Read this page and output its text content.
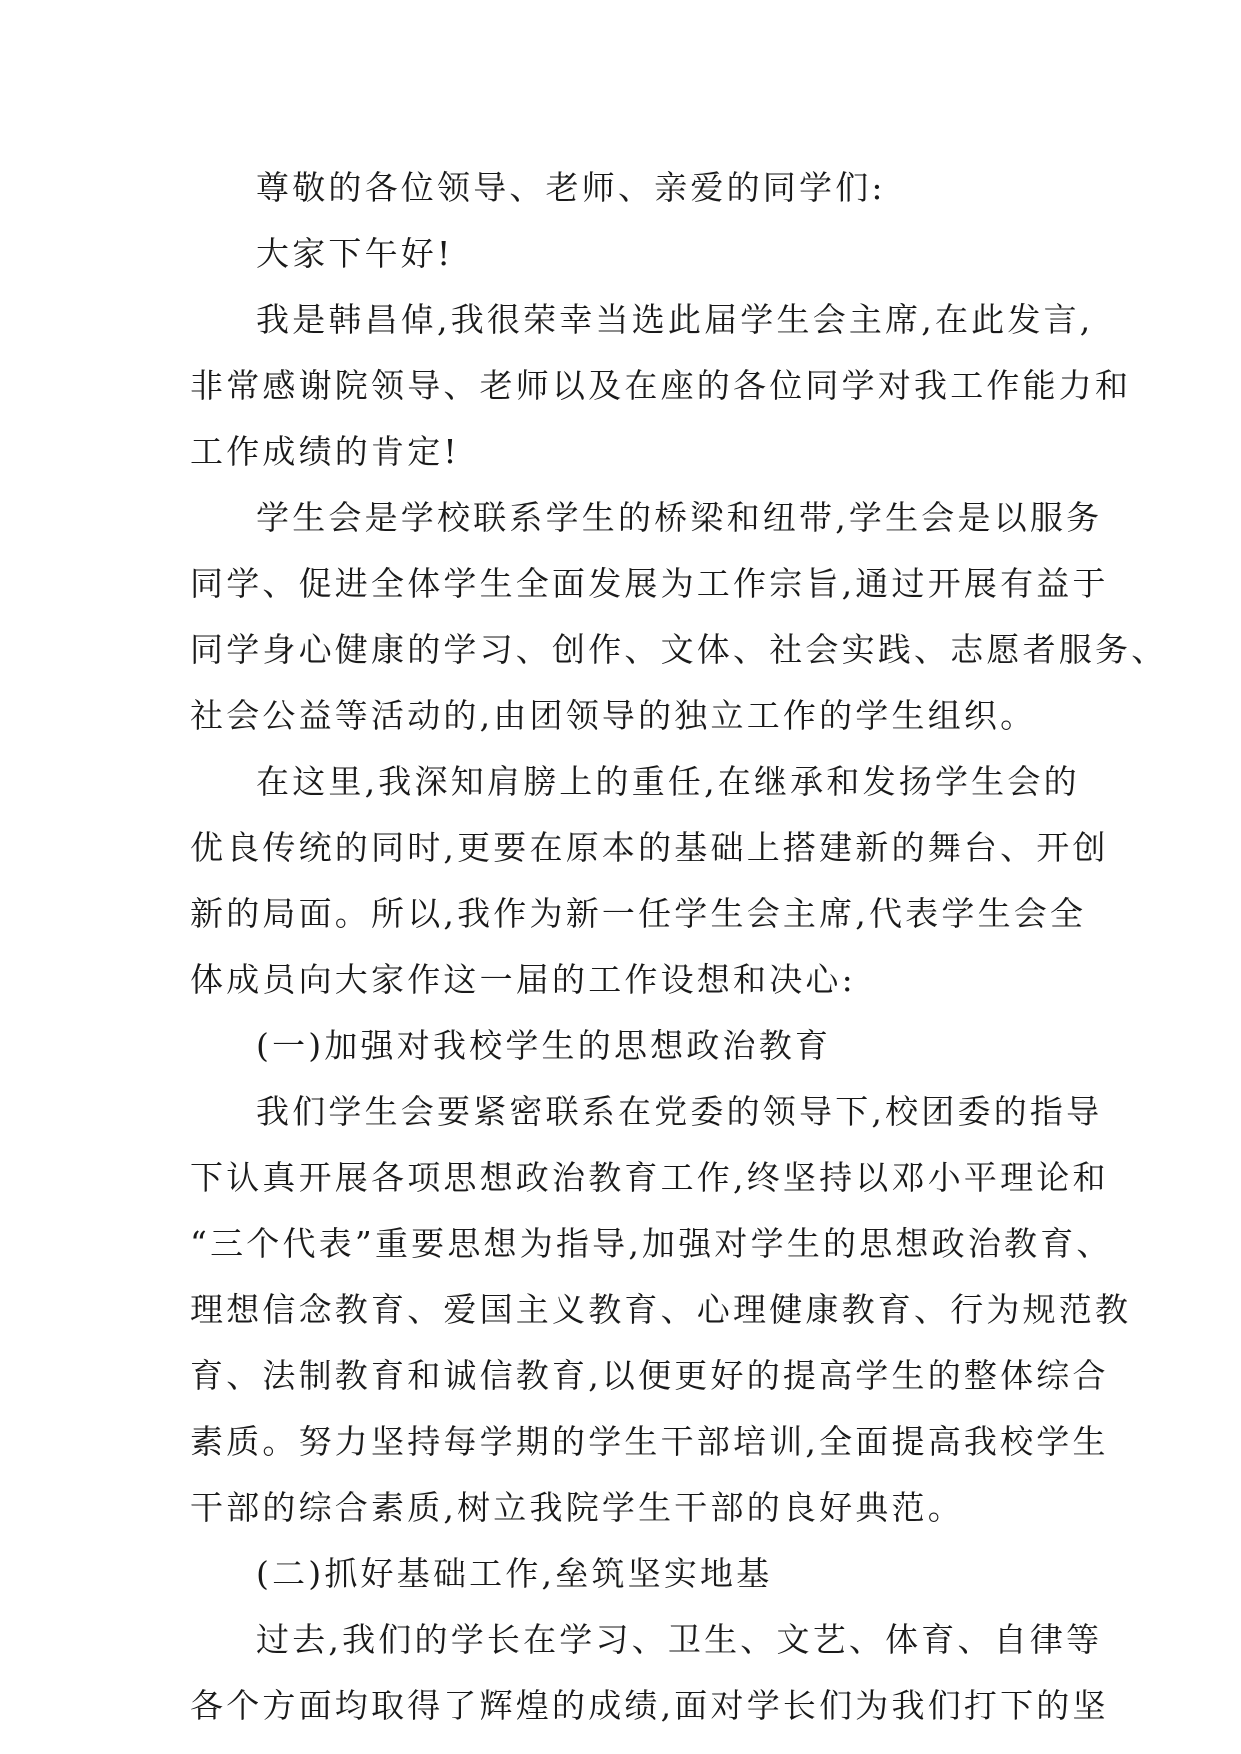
尊敬的各位领导、老师、亲爱的同学们:
大家下午好!
我是韩昌倬,我很荣幸当选此届学生会主席,在此发言,
非常感谢院领导、老师以及在座的各位同学对我工作能力和
工作成绩的肯定!
学生会是学校联系学生的桥梁和纽带,学生会是以服务
同学、促进全体学生全面发展为工作宗旨,通过开展有益于
同学身心健康的学习、创作、文体、社会实践、志愿者服务、
社会公益等活动的,由团领导的独立工作的学生组织。
在这里,我深知肩膀上的重任,在继承和发扬学生会的
优良传统的同时,更要在原本的基础上搭建新的舞台、开创
新的局面。所以,我作为新一任学生会主席,代表学生会全
体成员向大家作这一届的工作设想和决心:
(一)加强对我校学生的思想政治教育
我们学生会要紧密联系在党委的领导下,校团委的指导
下认真开展各项思想政治教育工作,终坚持以邓小平理论和
“三个代表”重要思想为指导,加强对学生的思想政治教育、
理想信念教育、爱国主义教育、心理健康教育、行为规范教
育、法制教育和诚信教育,以便更好的提高学生的整体综合
素质。努力坚持每学期的学生干部培训,全面提高我校学生
干部的综合素质,树立我院学生干部的良好典范。
(二)抓好基础工作,垒筑坚实地基
过去,我们的学长在学习、卫生、文艺、体育、自律等
各个方面均取得了辉煌的成绩,面对学长们为我们打下的坚
